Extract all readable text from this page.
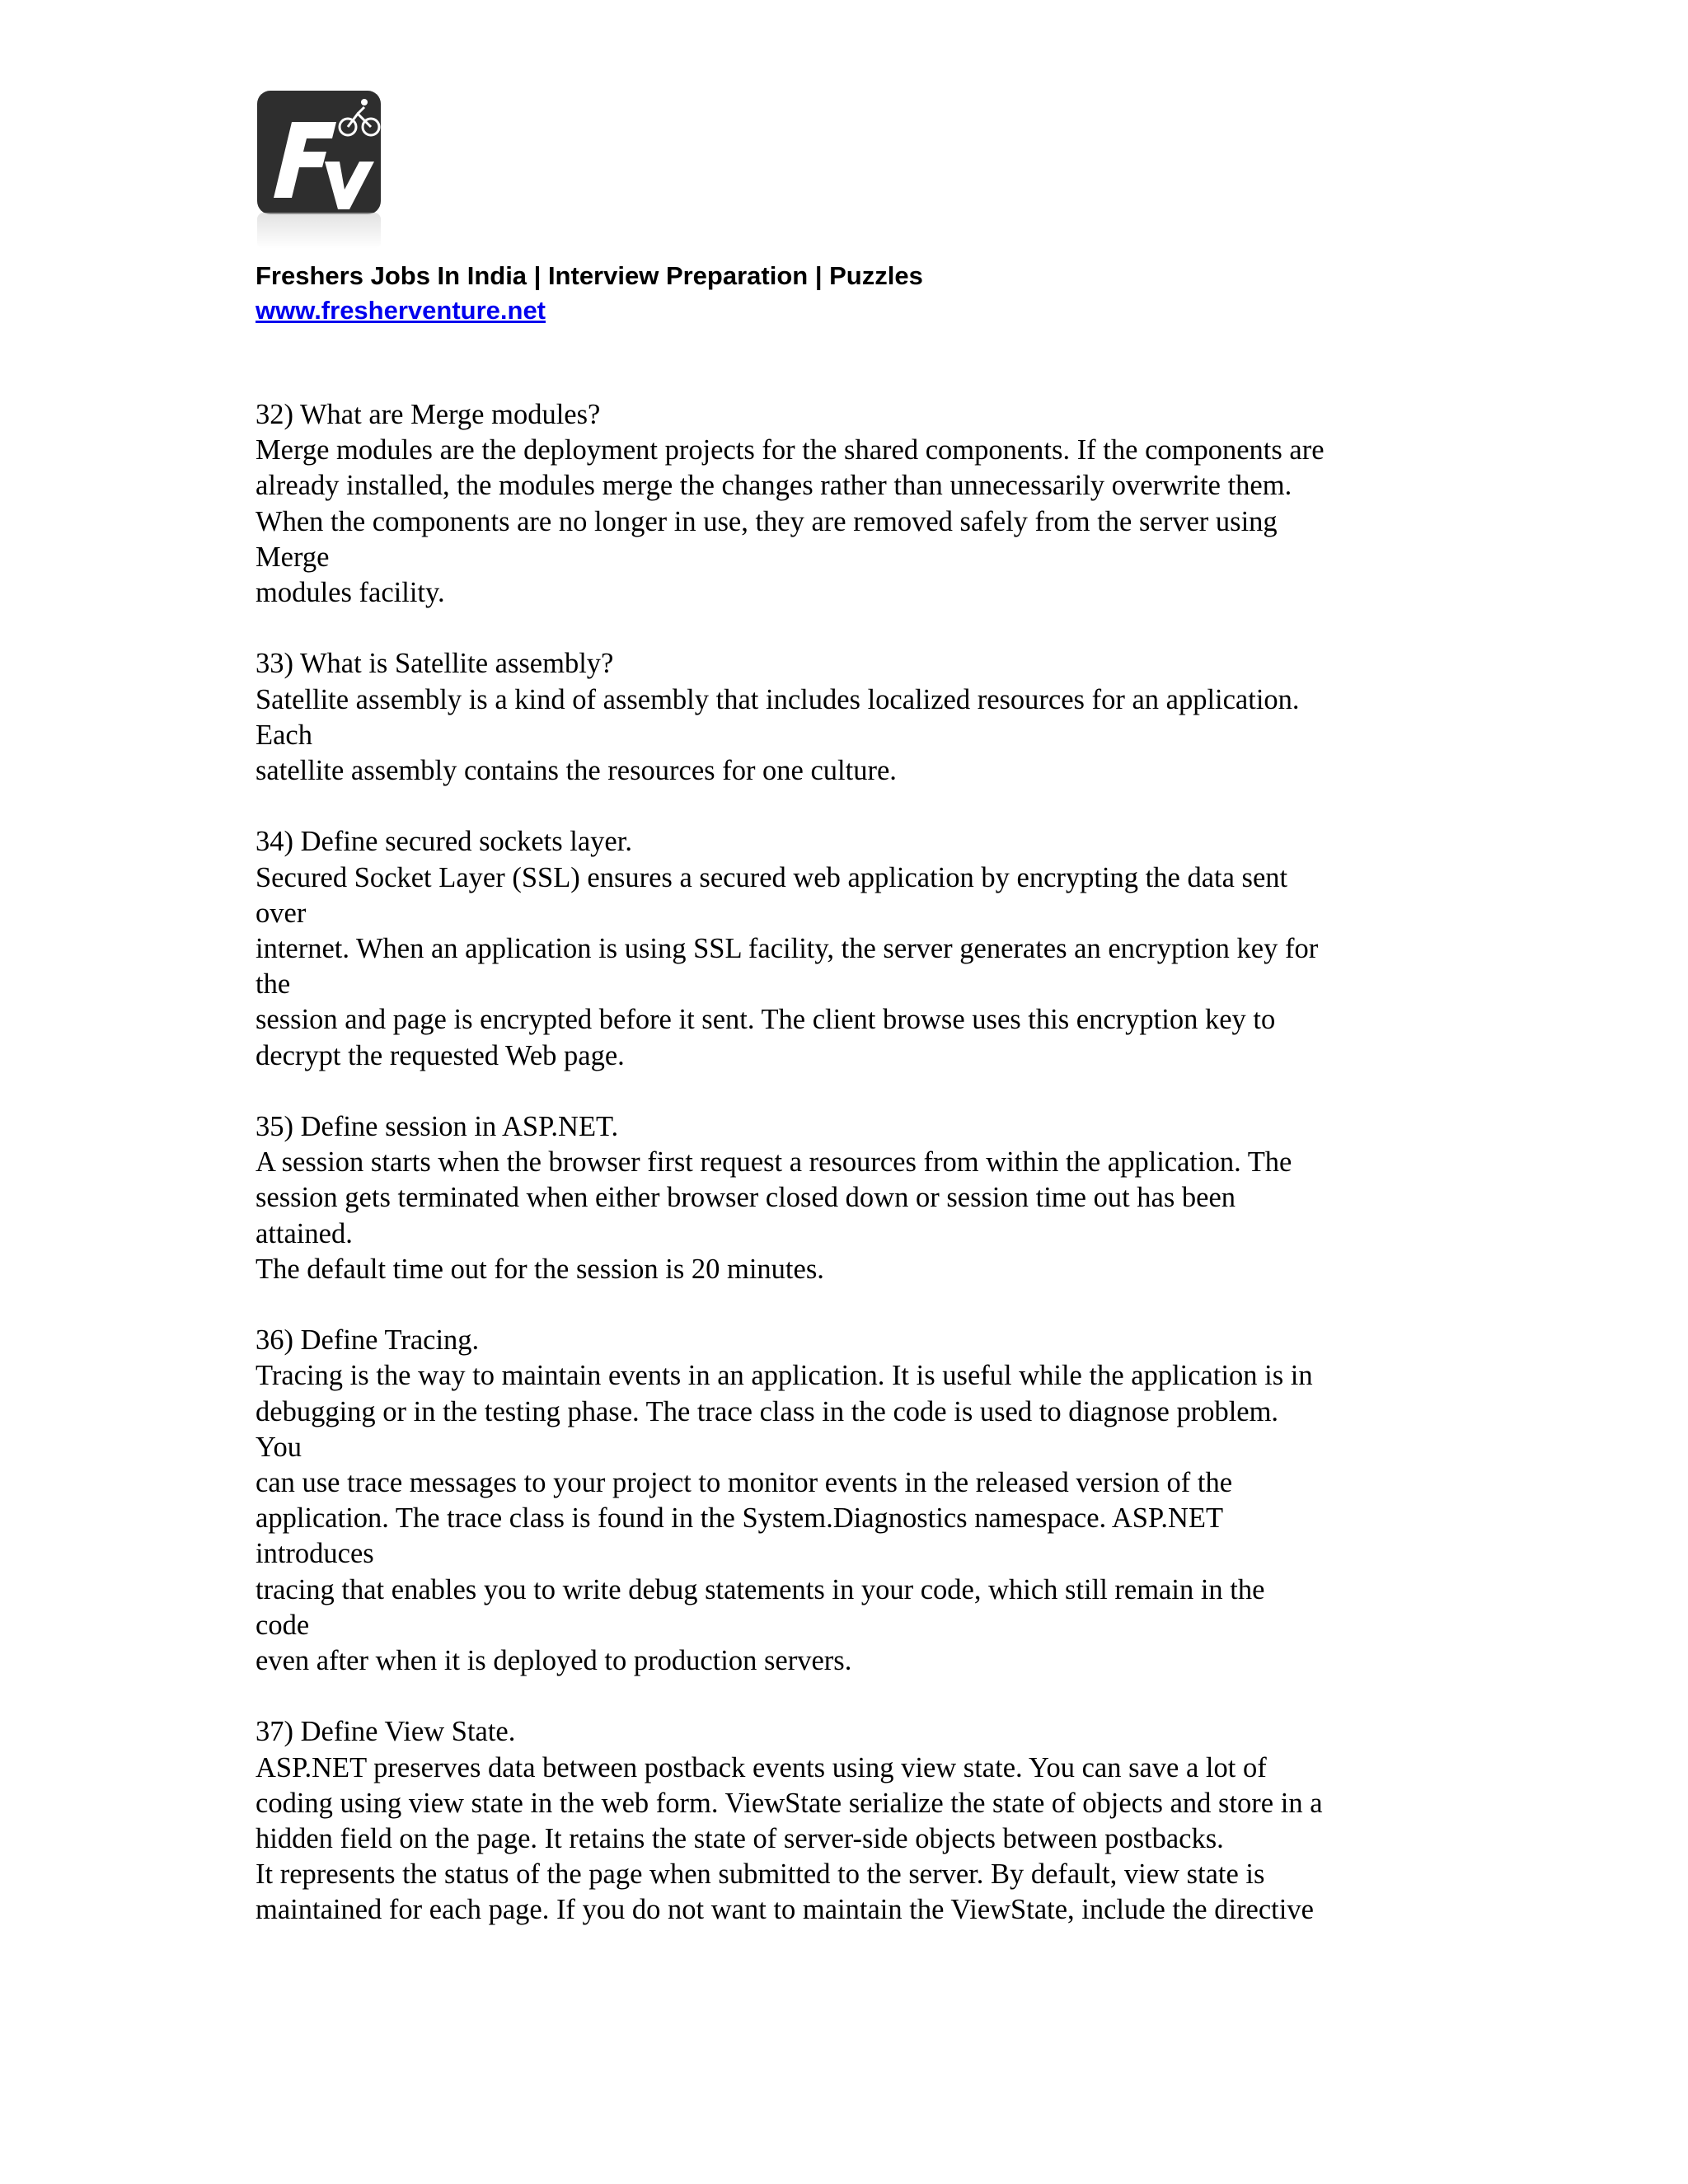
Freshers Jobs In India | Interview Preparation | Puzzles
www.fresherventure.net
32) What are Merge modules?
Merge modules are the deployment projects for the shared components. If the components are
already installed, the modules merge the changes rather than unnecessarily overwrite them.
When the components are no longer in use, they are removed safely from the server using
Merge
modules facility.
33) What is Satellite assembly?
Satellite assembly is a kind of assembly that includes localized resources for an application.
Each
satellite assembly contains the resources for one culture.
34) Define secured sockets layer.
Secured Socket Layer (SSL) ensures a secured web application by encrypting the data sent
over
internet. When an application is using SSL facility, the server generates an encryption key for
the
session and page is encrypted before it sent. The client browse uses this encryption key to
decrypt the requested Web page.
35) Define session in ASP.NET.
A session starts when the browser first request a resources from within the application. The
session gets terminated when either browser closed down or session time out has been
attained.
The default time out for the session is 20 minutes.
36) Define Tracing.
Tracing is the way to maintain events in an application. It is useful while the application is in
debugging or in the testing phase. The trace class in the code is used to diagnose problem.
You
can use trace messages to your project to monitor events in the released version of the
application. The trace class is found in the System.Diagnostics namespace. ASP.NET
introduces
tracing that enables you to write debug statements in your code, which still remain in the
code
even after when it is deployed to production servers.
37) Define View State.
ASP.NET preserves data between postback events using view state. You can save a lot of
coding using view state in the web form. ViewState serialize the state of objects and store in a
hidden field on the page. It retains the state of server-side objects between postbacks.
It represents the status of the page when submitted to the server. By default, view state is
maintained for each page. If you do not want to maintain the ViewState, include the directive
